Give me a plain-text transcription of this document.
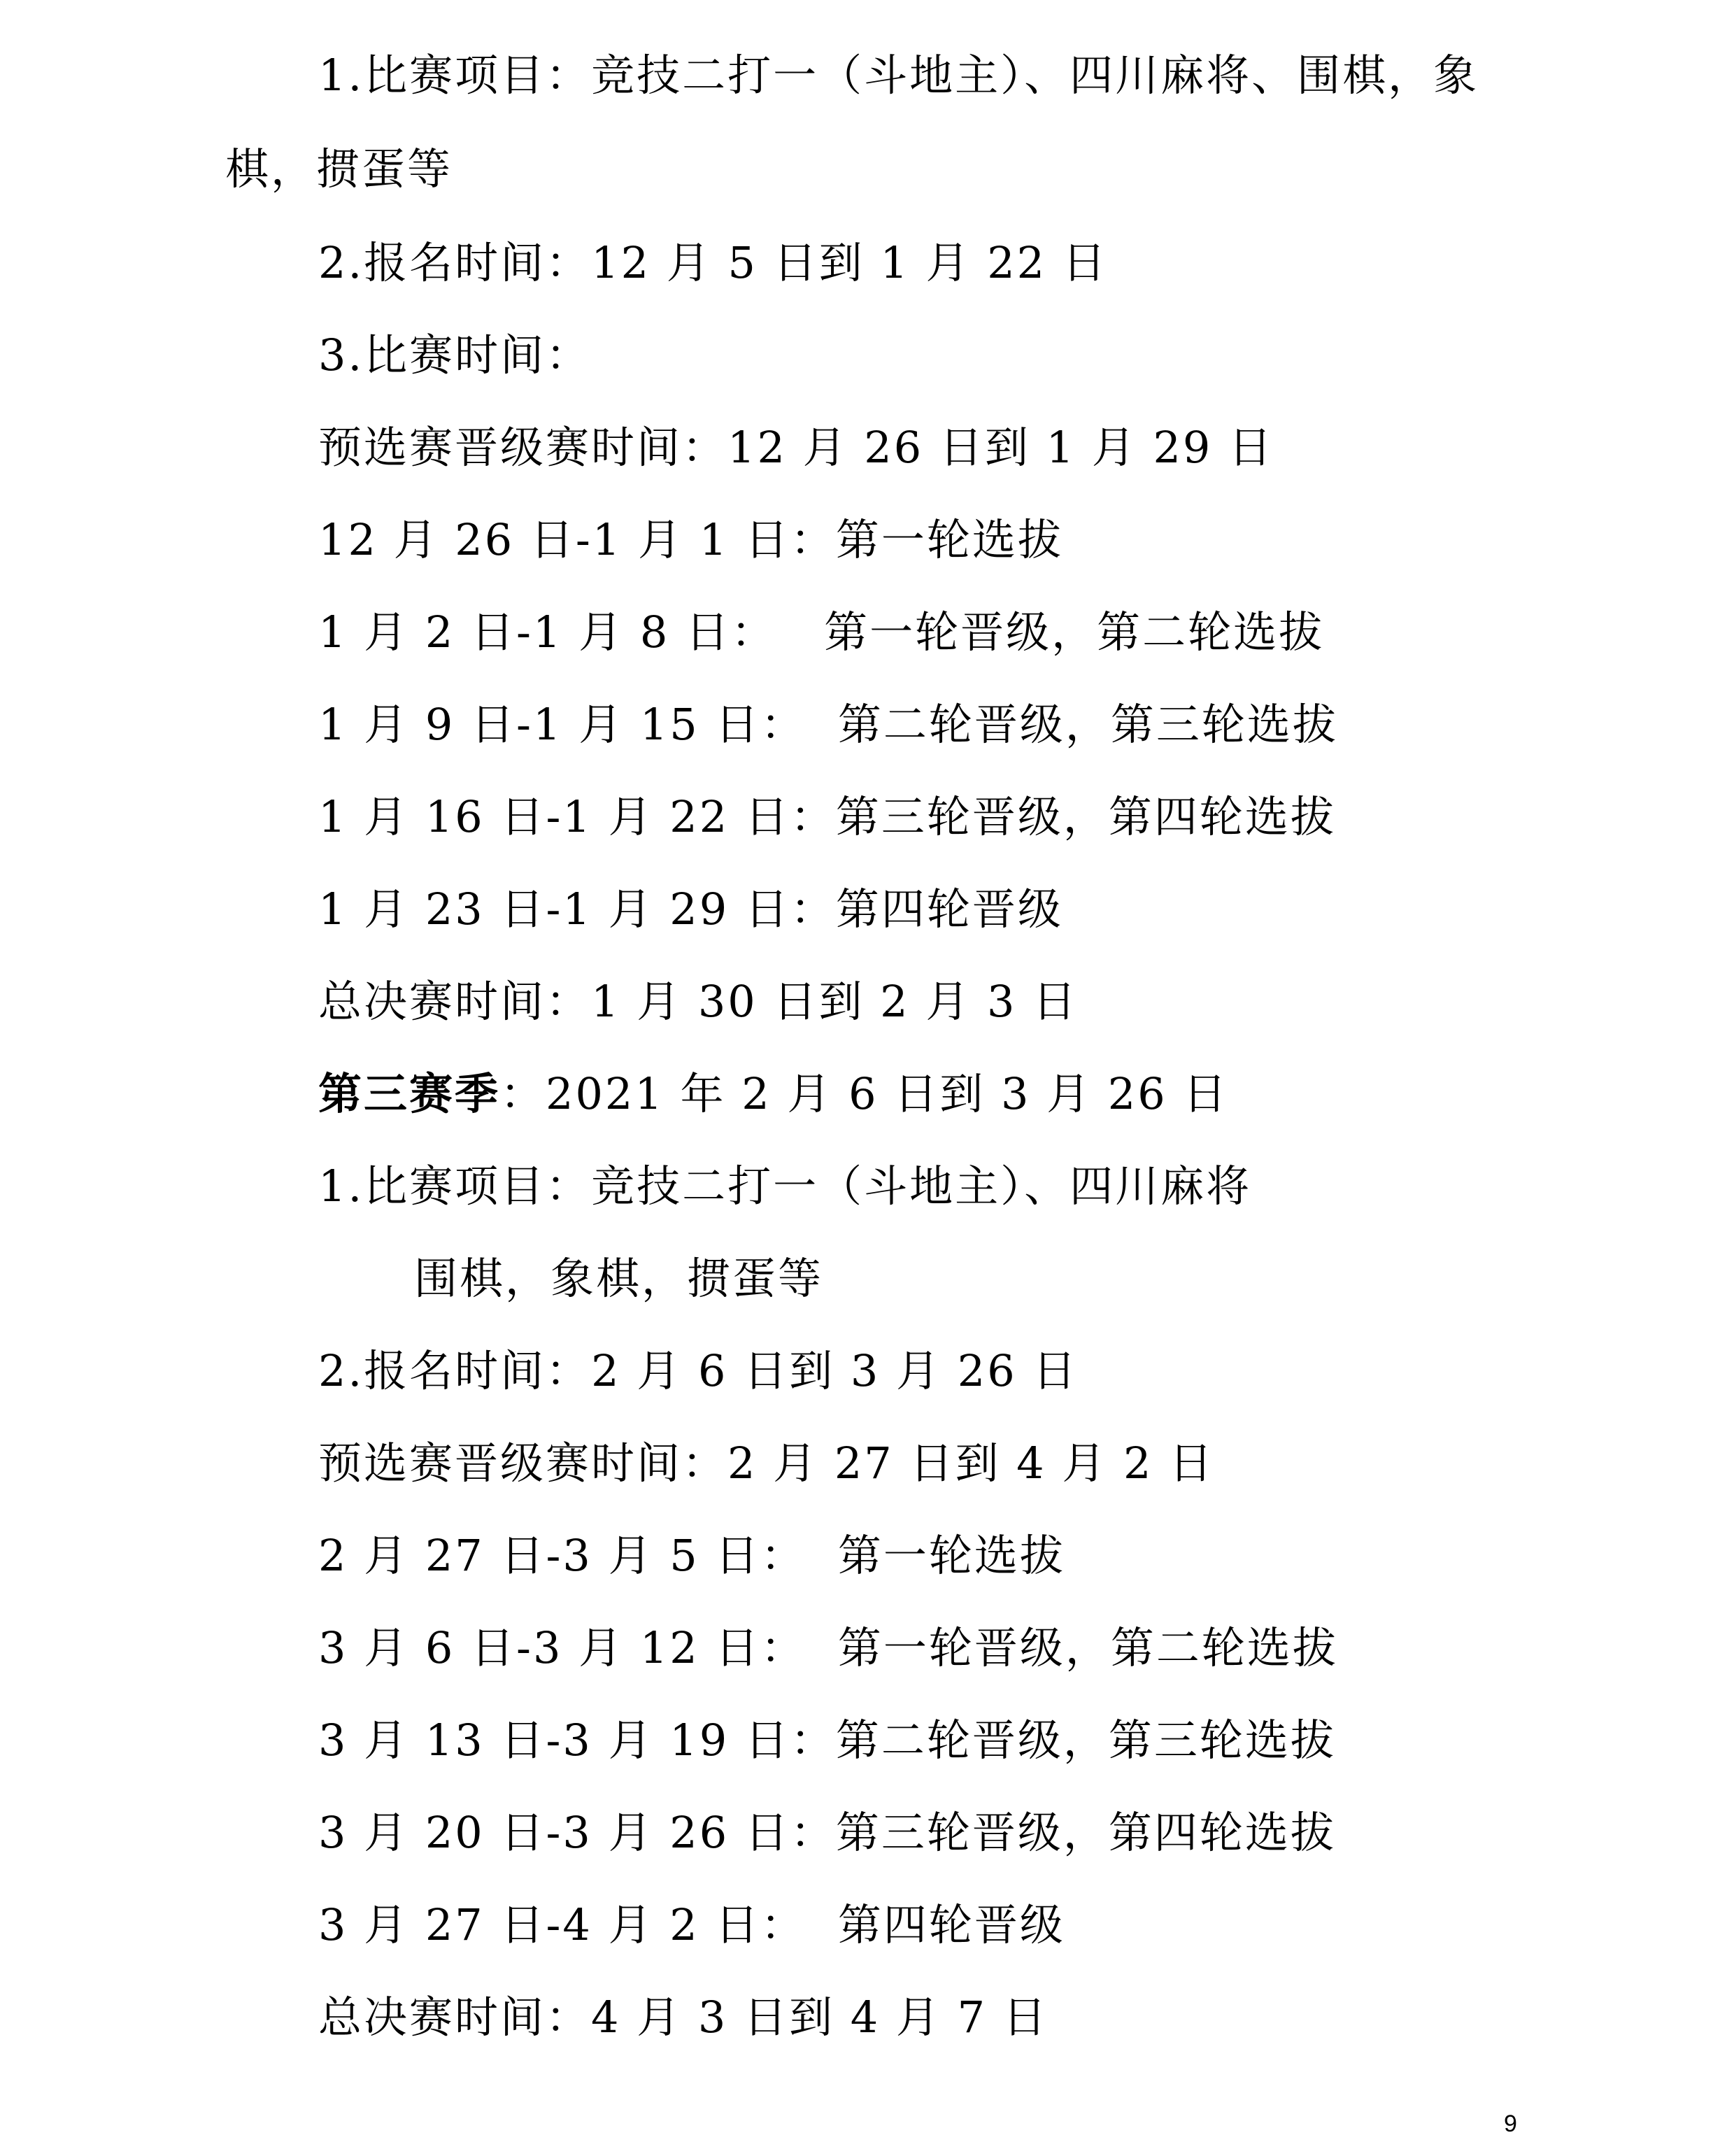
1.比赛项目：竞技二打一（斗地主）、四川麻将、围棋，象
棋，掼蛋等
2.报名时间：12 月 5 日到 1 月 22 日
3.比赛时间：
预选赛晋级赛时间：12 月 26 日到 1 月 29 日
12 月 26 日-1 月 1 日：第一轮选拔
1 月 2 日-1 月 8 日：   第一轮晋级，第二轮选拔
1 月 9 日-1 月 15 日：  第二轮晋级，第三轮选拔
1 月 16 日-1 月 22 日：第三轮晋级，第四轮选拔
1 月 23 日-1 月 29 日：第四轮晋级
总决赛时间：1 月 30 日到 2 月 3 日
第三赛季：2021 年 2 月 6 日到 3 月 26 日
1.比赛项目：竞技二打一（斗地主）、四川麻将
围棋，象棋，掼蛋等
2.报名时间：2 月 6 日到 3 月 26 日
预选赛晋级赛时间：2 月 27 日到 4 月 2 日
2 月 27 日-3 月 5 日：  第一轮选拔
3 月 6 日-3 月 12 日：  第一轮晋级，第二轮选拔
3 月 13 日-3 月 19 日：第二轮晋级，第三轮选拔
3 月 20 日-3 月 26 日：第三轮晋级，第四轮选拔
3 月 27 日-4 月 2 日：  第四轮晋级
总决赛时间：4 月 3 日到 4 月 7 日
9
